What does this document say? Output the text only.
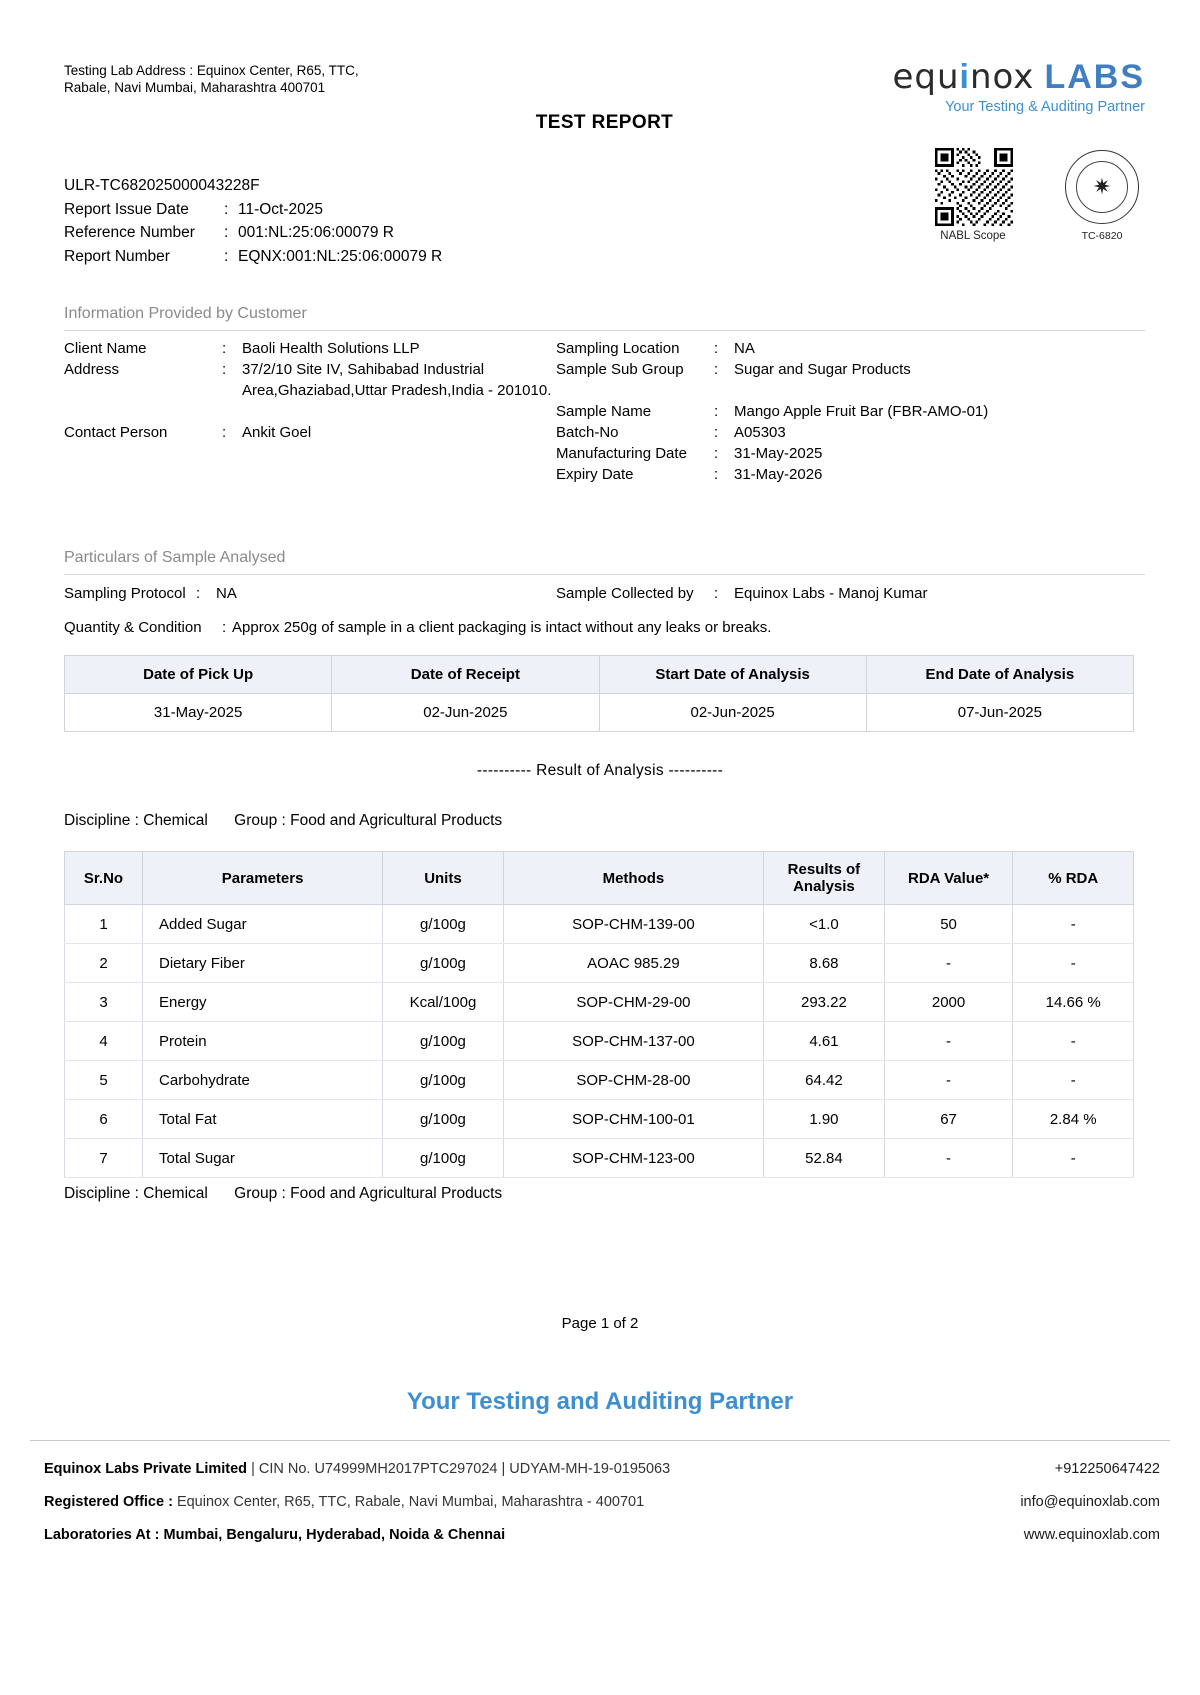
Testing Lab Address : Equinox Center, R65, TTC, Rabale, Navi Mumbai, Maharashtra 400701
TEST REPORT
equinox LABS
Your Testing & Auditing Partner
NABL Scope
✷
TC-6820
ULR-TC682025000043228F
Report Issue Date	: 11-Oct-2025
Reference Number	: 001:NL:25:06:00079 R
Report Number	: EQNX:001:NL:25:06:00079 R
Information Provided by Customer
Client Name	:	Baoli Health Solutions LLP
Address	:	37/2/10 Site IV, Sahibabad Industrial Area,Ghaziabad,Uttar Pradesh,India - 201010.
Contact Person	:	Ankit Goel
Sampling Location	:	NA
Sample Sub Group	:	Sugar and Sugar Products
Sample Name	:	Mango Apple Fruit Bar (FBR-AMO-01)
Batch-No	:	A05303
Manufacturing Date	:	31-May-2025
Expiry Date	:	31-May-2026
Particulars of Sample Analysed
Sampling Protocol :	NA	Sample Collected by	:	Equinox Labs - Manoj Kumar
Quantity & Condition	: Approx 250g of sample in a client packaging is intact without any leaks or breaks.
Date of Pick Up	Date of Receipt	Start Date of Analysis	End Date of Analysis
31-May-2025	02-Jun-2025	02-Jun-2025	07-Jun-2025
---------- Result of Analysis ----------
Discipline : Chemical Group : Food and Agricultural Products
Sr.No	Parameters	Units	Methods	Results of Analysis	RDA Value*	% RDA
1	Added Sugar	g/100g	SOP-CHM-139-00	<1.0	50	-
2	Dietary Fiber	g/100g	AOAC 985.29	8.68	-	-
3	Energy	Kcal/100g	SOP-CHM-29-00	293.22	2000	14.66 %
4	Protein	g/100g	SOP-CHM-137-00	4.61	-	-
5	Carbohydrate	g/100g	SOP-CHM-28-00	64.42	-	-
6	Total Fat	g/100g	SOP-CHM-100-01	1.90	67	2.84 %
7	Total Sugar	g/100g	SOP-CHM-123-00	52.84	-	-
Discipline : Chemical Group : Food and Agricultural Products
Page 1 of 2
Your Testing and Auditing Partner
Equinox Labs Private Limited | CIN No. U74999MH2017PTC297024 | UDYAM-MH-19-0195063	+912250647422
Registered Office : Equinox Center, R65, TTC, Rabale, Navi Mumbai, Maharashtra - 400701	info@equinoxlab.com
Laboratories At : Mumbai, Bengaluru, Hyderabad, Noida & Chennai	www.equinoxlab.com
